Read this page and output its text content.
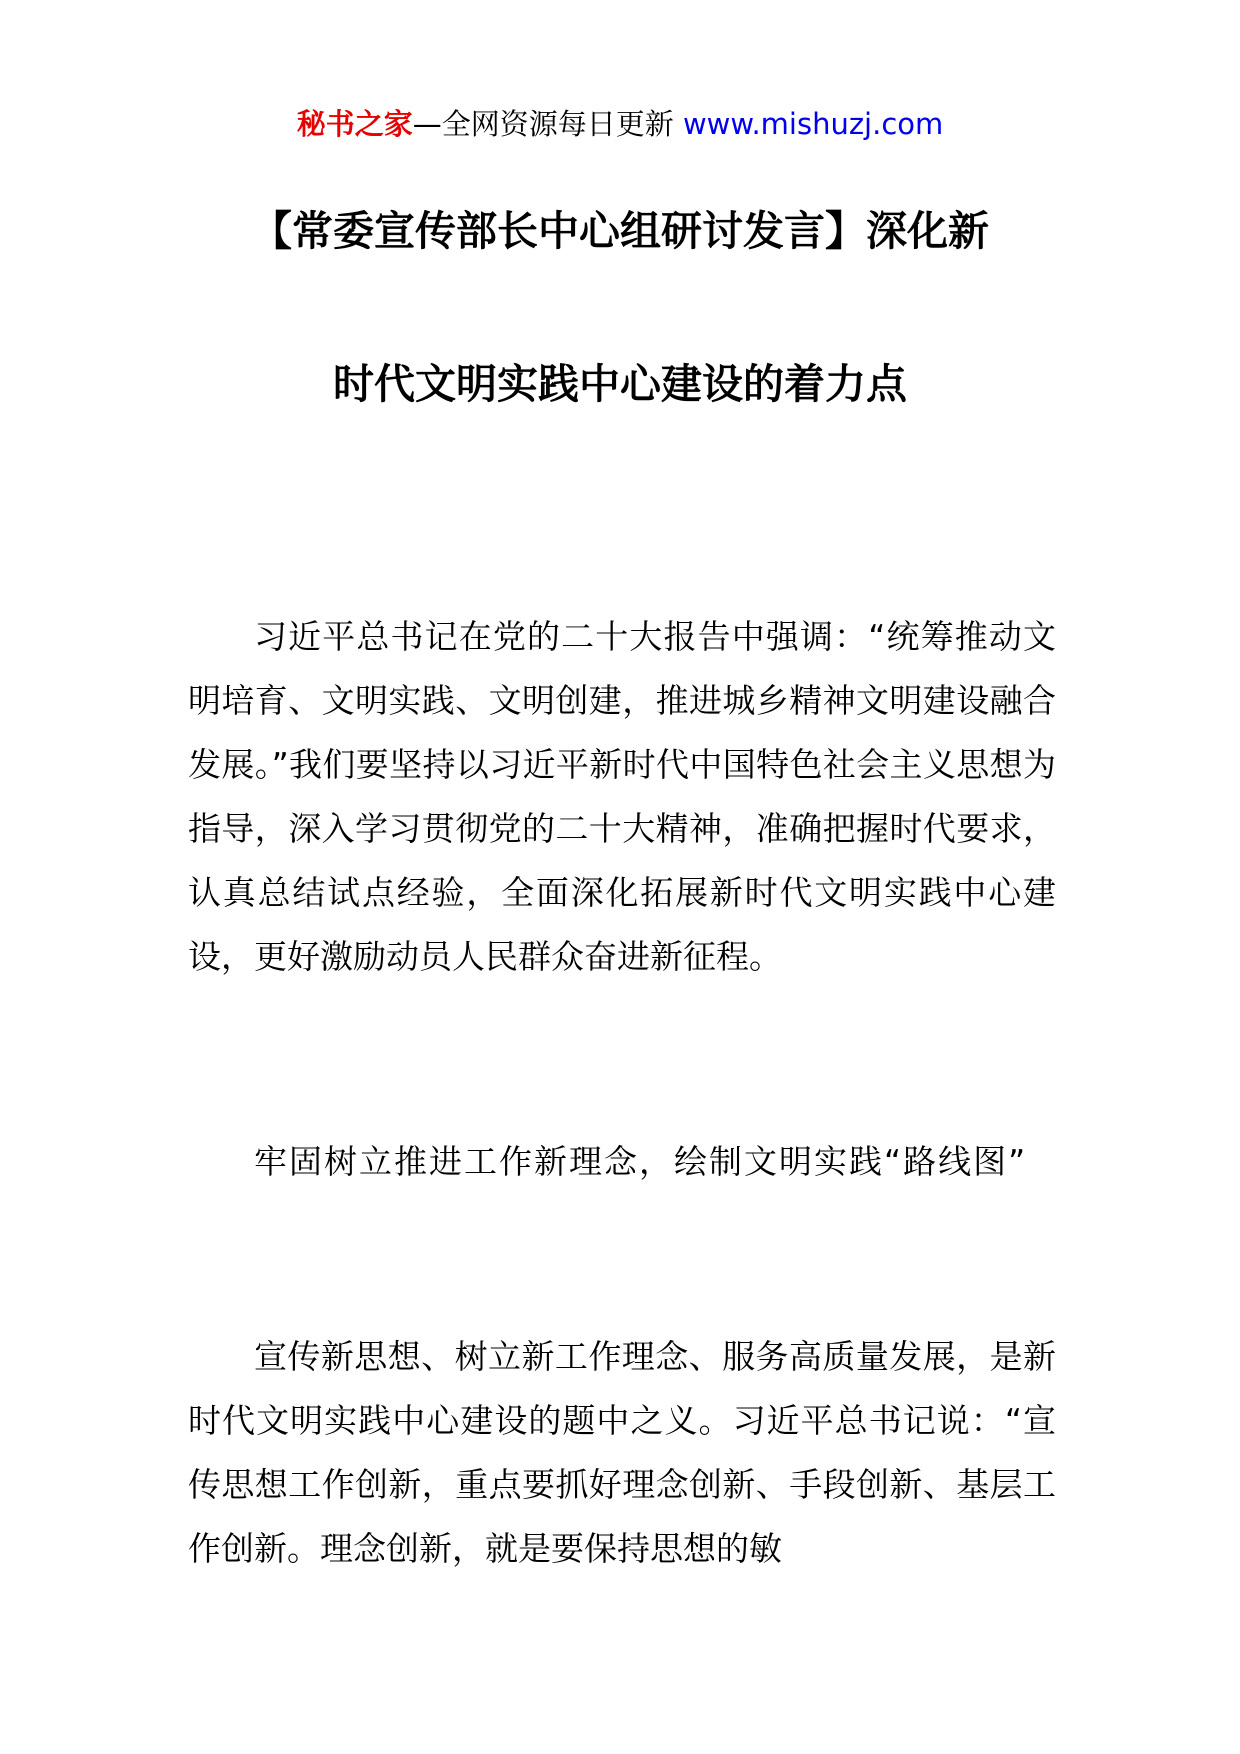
秘书之家—全网资源每日更新 www.mishuzj.com
【常委宣传部长中心组研讨发言】深化新
时代文明实践中心建设的着力点

习近平总书记在党的二十大报告中强调：“统筹推动文明培育、文明实践、文明创建，推进城乡精神文明建设融合发展。”我们要坚持以习近平新时代中国特色社会主义思想为指导，深入学习贯彻党的二十大精神，准确把握时代要求，认真总结试点经验，全面深化拓展新时代文明实践中心建设，更好激励动员人民群众奋进新征程。

牢固树立推进工作新理念，绘制文明实践“路线图”

宣传新思想、树立新工作理念、服务高质量发展，是新时代文明实践中心建设的题中之义。习近平总书记说：“宣传思想工作创新，重点要抓好理念创新、手段创新、基层工作创新。理念创新，就是要保持思想的敏
